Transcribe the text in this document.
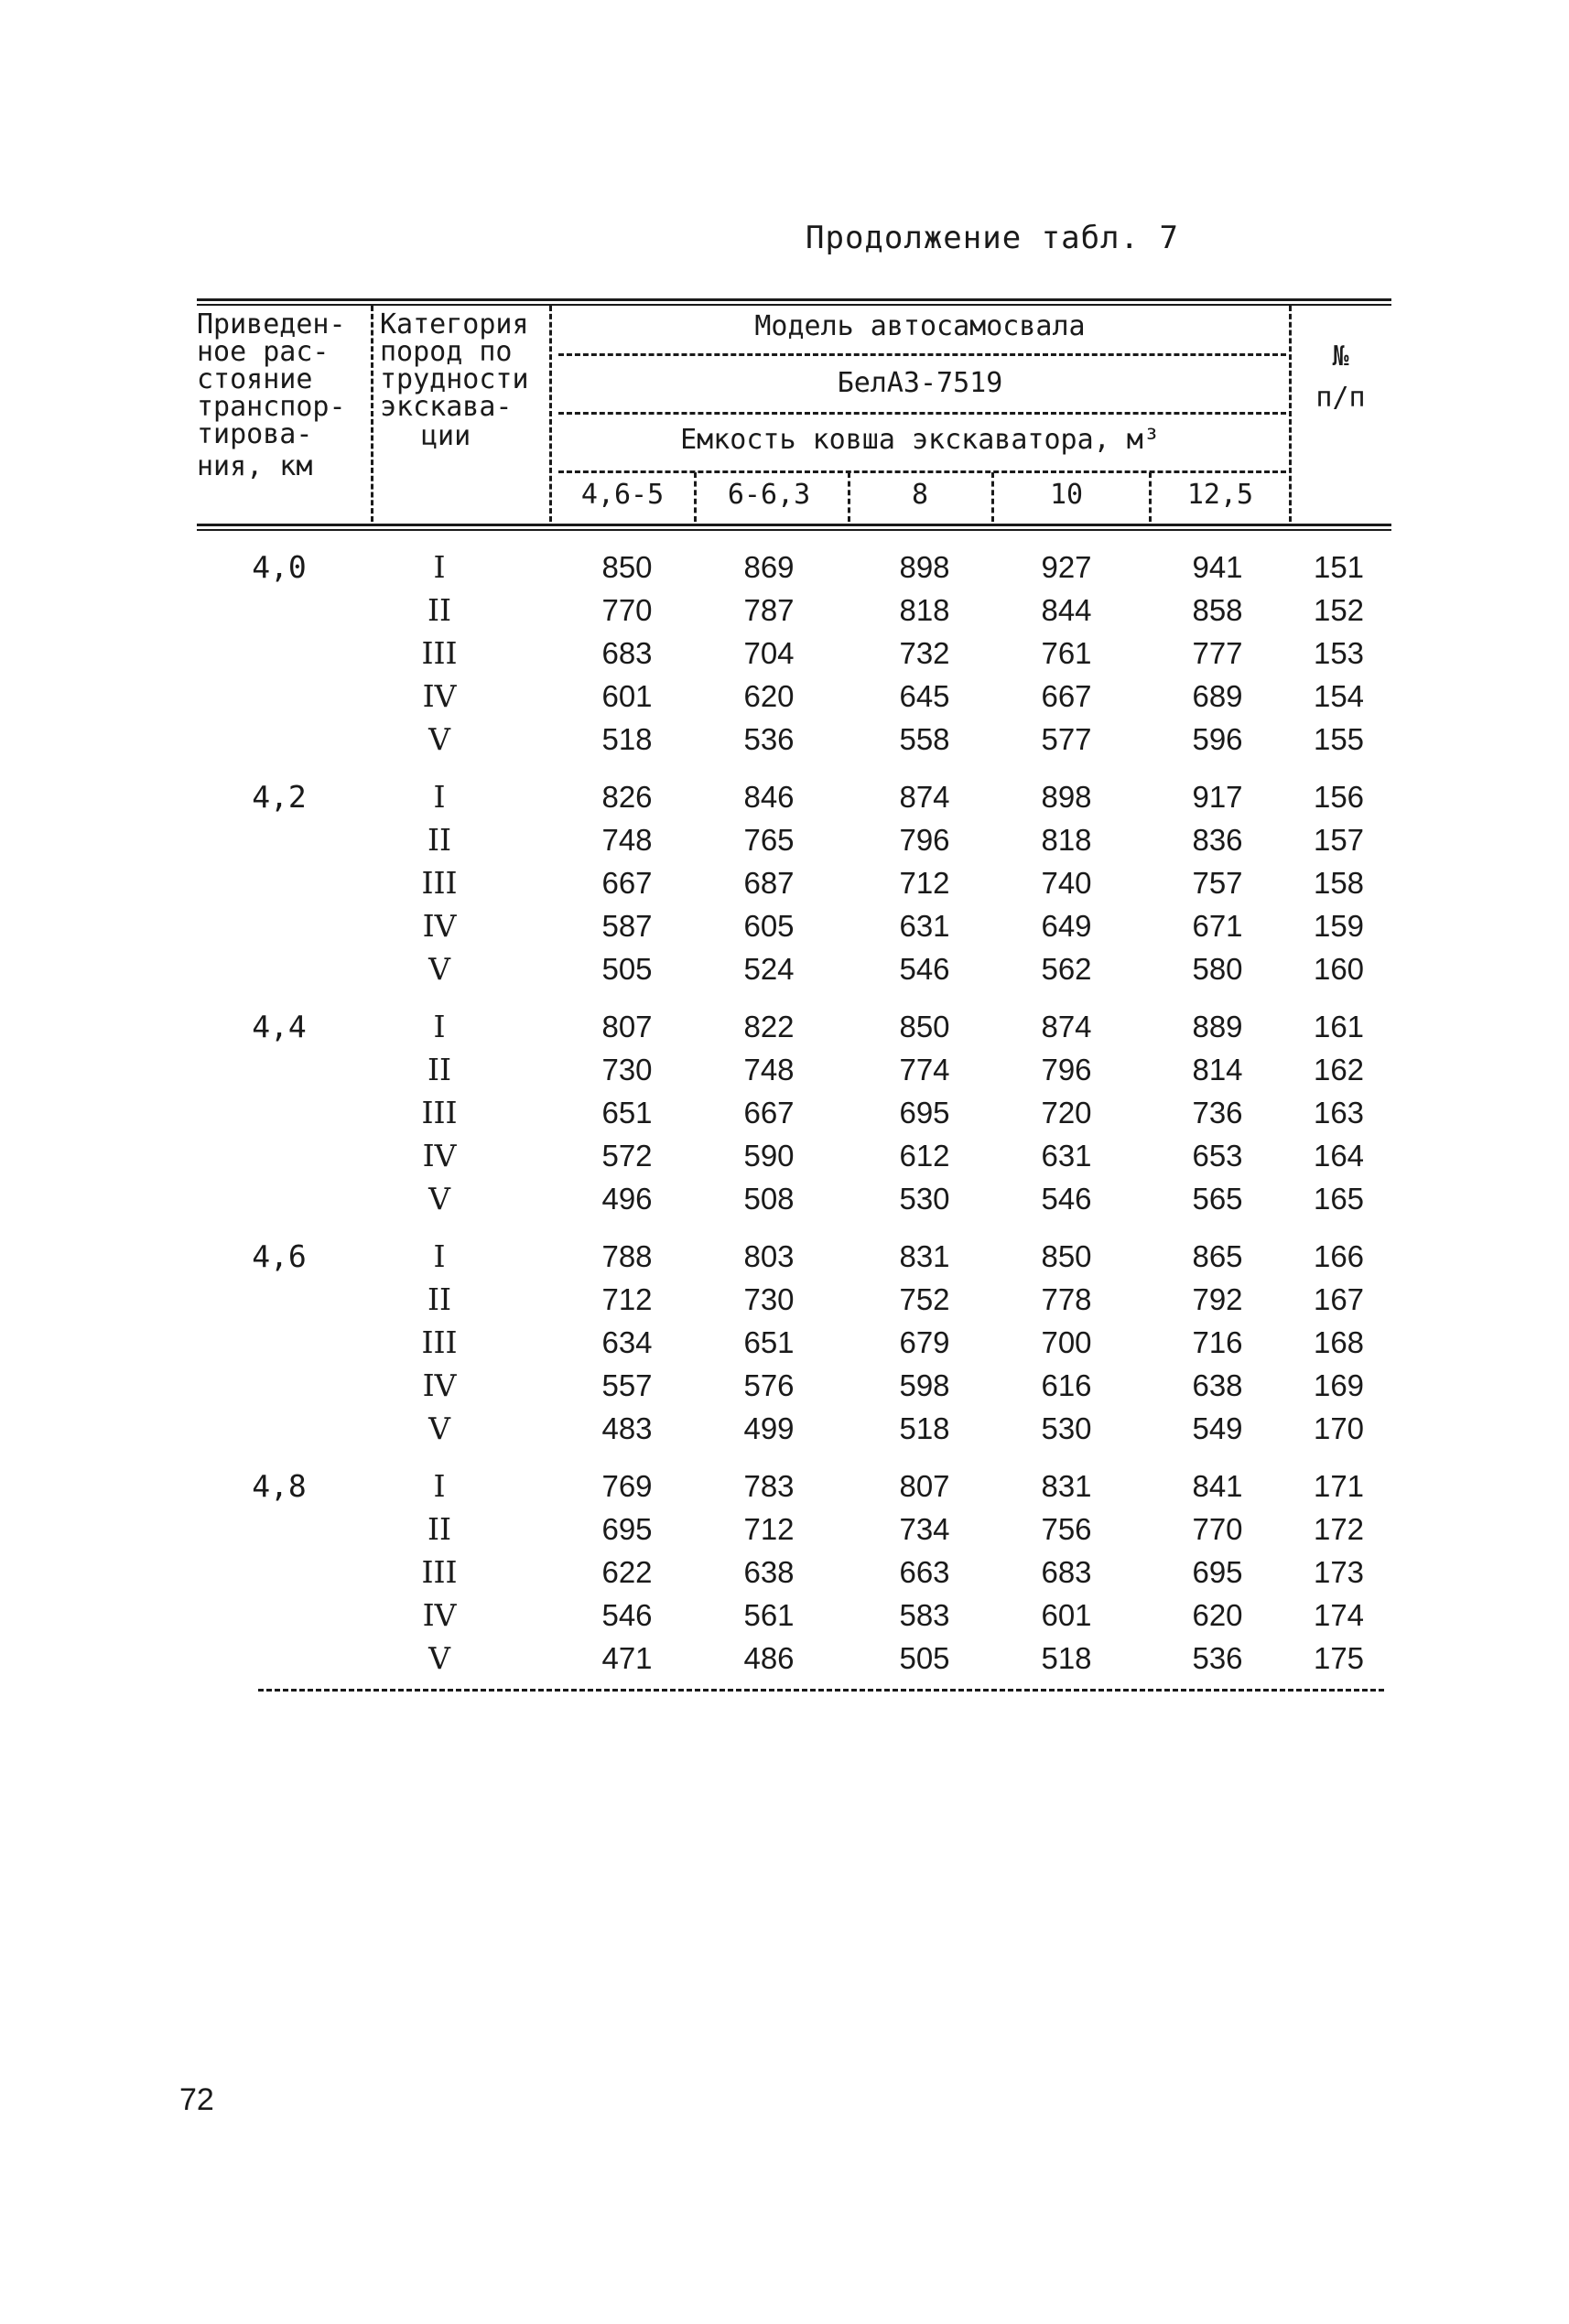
Продолжение табл. 7
Приведен-
ное рас-
стояние
транспор-
тирова-
ния, км
Категория
пород по
трудности
экскава-
ции
Модель автосамосвала
БелАЗ-7519
Емкость ковша экскаватора, м³
4,6-5	6-6,3	8	10	12,5
№
п/п
4,0	I	850	869	898	927	941	151
II	770	787	818	844	858	152
III	683	704	732	761	777	153
IV	601	620	645	667	689	154
V	518	536	558	577	596	155
4,2	I	826	846	874	898	917	156
II	748	765	796	818	836	157
III	667	687	712	740	757	158
IV	587	605	631	649	671	159
V	505	524	546	562	580	160
4,4	I	807	822	850	874	889	161
II	730	748	774	796	814	162
III	651	667	695	720	736	163
IV	572	590	612	631	653	164
V	496	508	530	546	565	165
4,6	I	788	803	831	850	865	166
II	712	730	752	778	792	167
III	634	651	679	700	716	168
IV	557	576	598	616	638	169
V	483	499	518	530	549	170
4,8	I	769	783	807	831	841	171
II	695	712	734	756	770	172
III	622	638	663	683	695	173
IV	546	561	583	601	620	174
V	471	486	505	518	536	175
72
